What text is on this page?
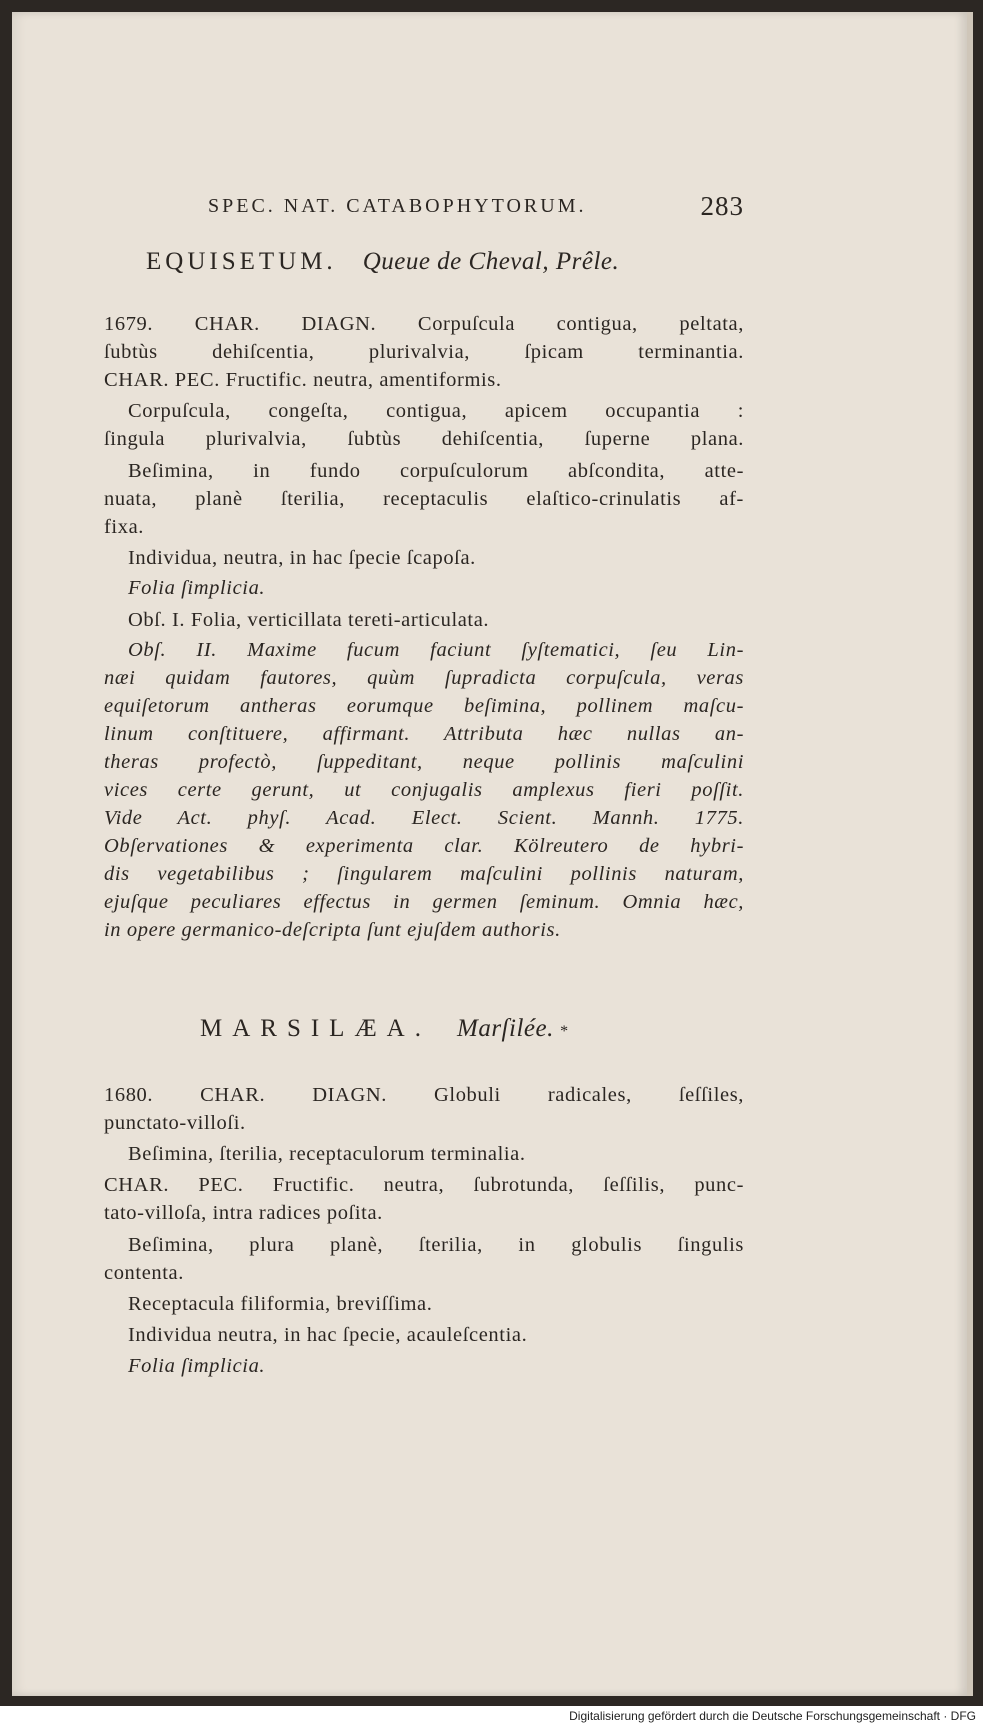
SPEC. NAT. CATABOPHYTORUM.	283
EQUISETUM. Queue de Cheval, Prêle.
1679. CHAR. DIAGN. Corpuſcula contigua, peltata,
ſubtùs dehiſcentia, plurivalvia, ſpicam terminantia.
CHAR. PEC. Fructific. neutra, amentiformis.
Corpuſcula, congeſta, contigua, apicem occupantia :
ſingula plurivalvia, ſubtùs dehiſcentia, ſuperne plana.
Beſimina, in fundo corpuſculorum abſcondita, atte-
nuata, planè ſterilia, receptaculis elaſtico-crinulatis af-
fixa.
Individua, neutra, in hac ſpecie ſcapoſa.
Folia ſimplicia.
Obſ. I. Folia, verticillata tereti-articulata.
Obſ. II. Maxime fucum faciunt ſyſtematici, ſeu Lin-
næi quidam fautores, quùm ſupradicta corpuſcula, veras
equiſetorum antheras eorumque beſimina, pollinem maſcu-
linum conſtituere, affirmant. Attributa hæc nullas an-
theras profectò, ſuppeditant, neque pollinis maſculini
vices certe gerunt, ut conjugalis amplexus fieri poſſit.
Vide Act. phyſ. Acad. Elect. Scient. Mannh. 1775.
Obſervationes & experimenta clar. Kölreutero de hybri-
dis vegetabilibus ; ſingularem maſculini pollinis naturam,
ejuſque peculiares effectus in germen ſeminum. Omnia hæc,
in opere germanico-deſcripta ſunt ejuſdem authoris.
MARSILÆA. Marſilée. *
1680. CHAR. DIAGN. Globuli radicales, ſeſſiles,
punctato-villoſi.
Beſimina, ſterilia, receptaculorum terminalia.
CHAR. PEC. Fructific. neutra, ſubrotunda, ſeſſilis, punc-
tato-villoſa, intra radices poſita.
Beſimina, plura planè, ſterilia, in globulis ſingulis
contenta.
Receptacula filiformia, breviſſima.
Individua neutra, in hac ſpecie, acauleſcentia.
Folia ſimplicia.
Digitalisierung gefördert durch die Deutsche Forschungsgemeinschaft · DFG
